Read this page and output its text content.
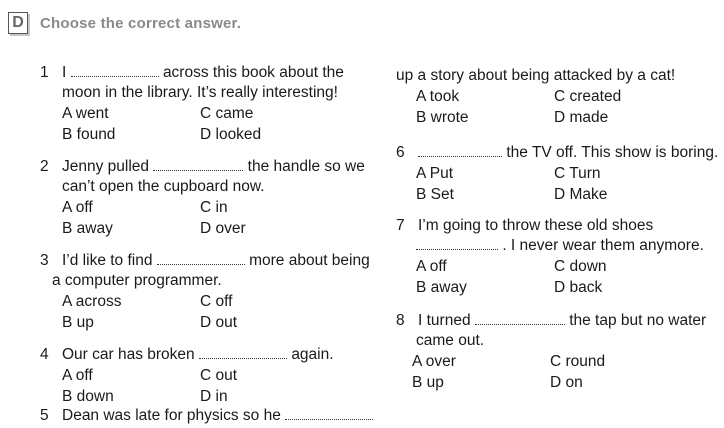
D Choose the correct answer.
1 I	across this book about the
moon in the library. It’s really interesting!
A went	C came
B found	D looked
2 Jenny pulled	the handle so we
can’t open the cupboard now.
A off	C in
B away	D over
3 I’d like to find	more about being
a computer programmer.
A across	C off
B up	D out
4 Our car has broken	again.
A off	C out
B down	D in
5 Dean was late for physics so he
up a story about being attacked by a cat!
A took	C created
B wrote	D made
6	the TV off. This show is boring.
A Put	C Turn
B Set	D Make
7 I’m going to throw these old shoes
. I never wear them anymore.
A off	C down
B away	D back
8 I turned	the tap but no water
came out.
A over	C round
B up	D on
